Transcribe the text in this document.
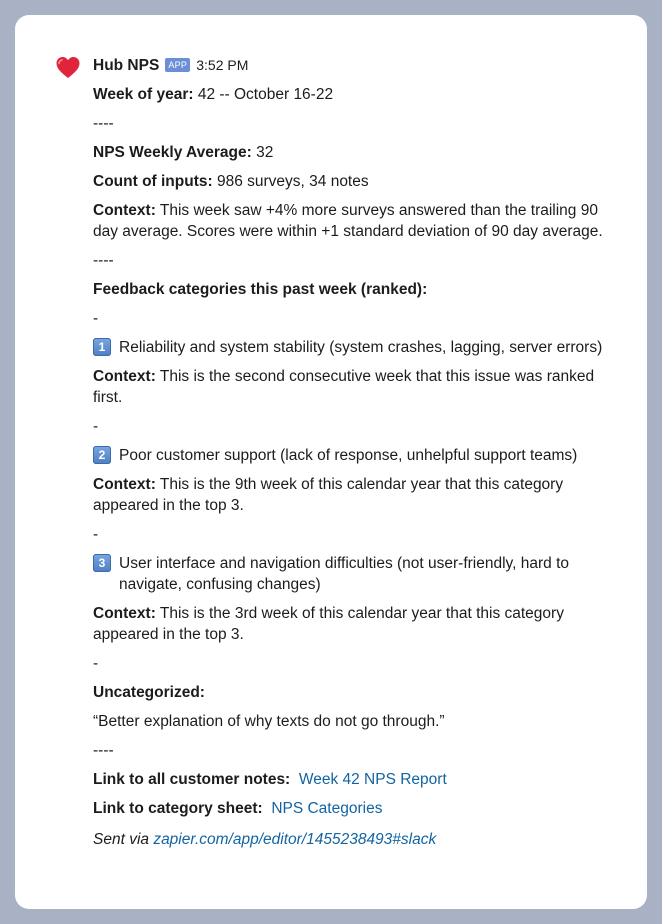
Hub NPS	APP 3:52 PM

Week of year: 42 -- October 16-22

----

NPS Weekly Average: 32

Count of inputs: 986 surveys, 34 notes

Context: This week saw +4% more surveys answered than the trailing 90 day average. Scores were within +1 standard deviation of 90 day average.

----

Feedback categories this past week (ranked):

-

1 Reliability and system stability (system crashes, lagging, server errors)

Context: This is the second consecutive week that this issue was ranked first.

-

2 Poor customer support (lack of response, unhelpful support teams)

Context: This is the 9th week of this calendar year that this category appeared in the top 3.

-

3 User interface and navigation difficulties (not user-friendly, hard to navigate, confusing changes)

Context: This is the 3rd week of this calendar year that this category appeared in the top 3.

-

Uncategorized:

“Better explanation of why texts do not go through.”

----

Link to all customer notes: Week 42 NPS Report

Link to category sheet: NPS Categories

Sent via zapier.com/app/editor/1455238493#slack
